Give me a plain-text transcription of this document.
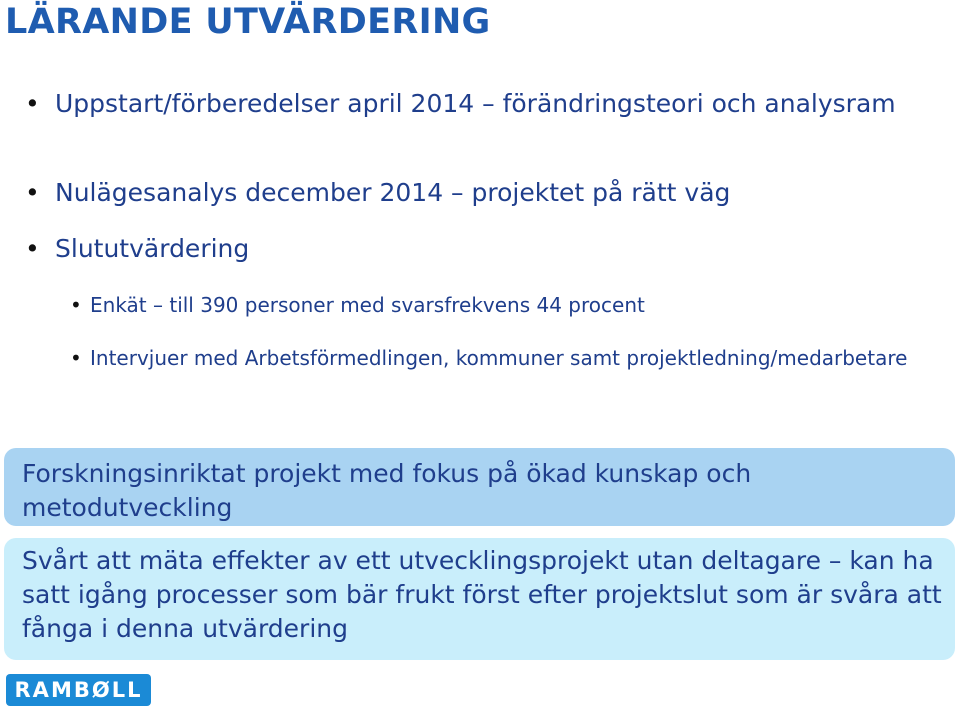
LÄRANDE UTVÄRDERING
• Uppstart/förberedelser april 2014 – förändringsteori och analysram
• Nulägesanalys december 2014 – projektet på rätt väg
• Slututvärdering
• Enkät – till 390 personer med svarsfrekvens 44 procent
• Intervjuer med Arbetsförmedlingen, kommuner samt projektledning/medarbetare
Forskningsinriktat projekt med fokus på ökad kunskap och metodutveckling
Svårt att mäta effekter av ett utvecklingsprojekt utan deltagare – kan ha satt igång processer som bär frukt först efter projektslut som är svåra att fånga i denna utvärdering
RAMBØLL
